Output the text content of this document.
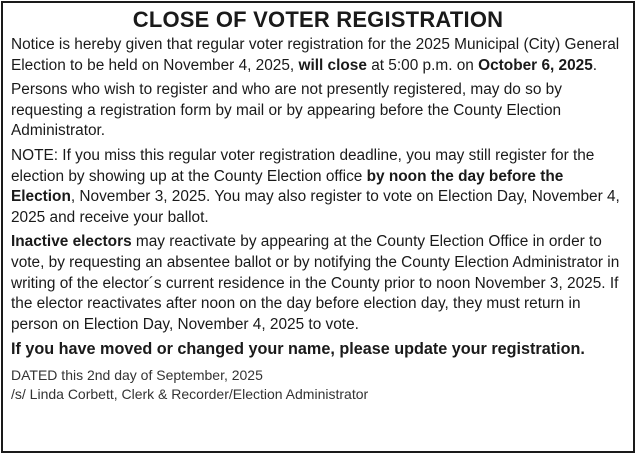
CLOSE OF VOTER REGISTRATION

Notice is hereby given that regular voter registration for the 2025 Municipal (City) General Election to be held on November 4, 2025, will close at 5:00 p.m. on October 6, 2025.

Persons who wish to register and who are not presently registered, may do so by requesting a registration form by mail or by appearing before the County Election Administrator.

NOTE: If you miss this regular voter registration deadline, you may still register for the election by showing up at the County Election office by noon the day before the Election, November 3, 2025. You may also register to vote on Election Day, November 4, 2025 and receive your ballot.

Inactive electors may reactivate by appearing at the County Election Office in order to vote, by requesting an absentee ballot or by notifying the County Election Administrator in writing of the elector´s current residence in the County prior to noon November 3, 2025. If the elector reactivates after noon on the day before election day, they must return in person on Election Day, November 4, 2025 to vote.

If you have moved or changed your name, please update your registration.

DATED this 2nd day of September, 2025

/s/ Linda Corbett, Clerk & Recorder/Election Administrator
